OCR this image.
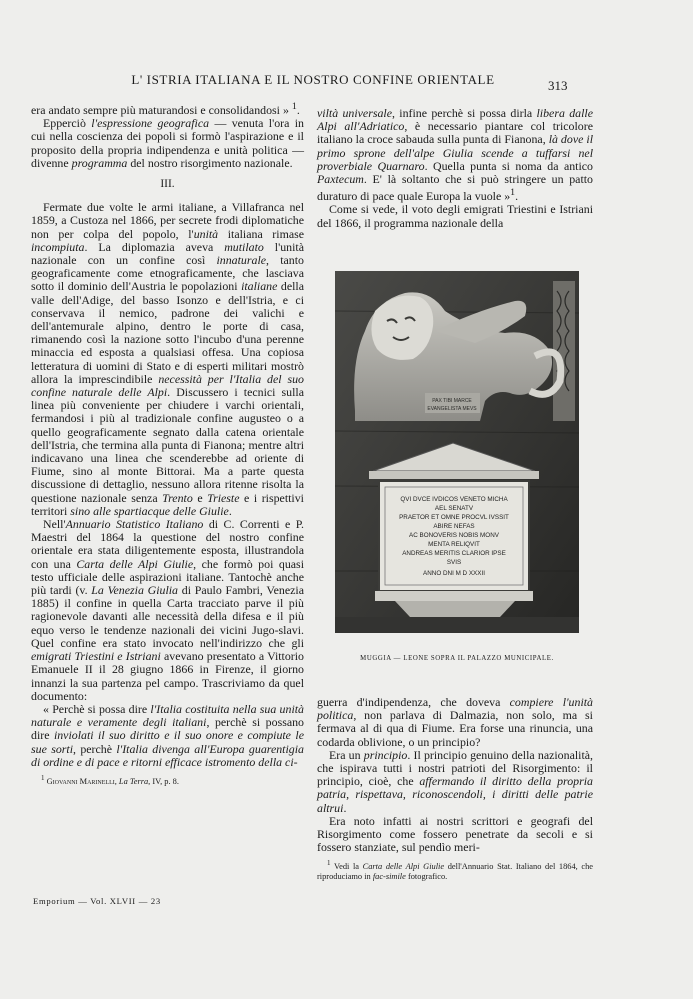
L' ISTRIA ITALIANA E IL NOSTRO CONFINE ORIENTALE	313

era andato sempre più maturandosi e consolidandosi » $^1$.

Epperciò l'espressione geografica — venuta l'ora in cui nella coscienza dei popoli si formò l'aspirazione e il proposito della propria indipendenza e unità politica — divenne programma del nostro risorgimento nazionale.

III.

Fermate due volte le armi italiane, a Villafranca nel 1859, a Custoza nel 1866, per secrete frodi diplomatiche non per colpa del popolo, l'unità italiana rimase incompiuta. La diplomazia aveva mutilato l'unità nazionale con un confine così innaturale, tanto geograficamente come etnograficamente, che lasciava sotto il dominio dell'Austria le popolazioni italiane della valle dell'Adige, del basso Isonzo e dell'Istria, e ci conservava il nemico, padrone dei valichi e dell'antemurale alpino, dentro le porte di casa, rimanendo così la nazione sotto l'incubo d'una perenne minaccia ed esposta a qualsiasi offesa. Una copiosa letteratura di uomini di Stato e di esperti militari mostrò allora la imprescindibile necessità per l'Italia del suo confine naturale delle Alpi. Discussero i tecnici sulla linea più conveniente per chiudere i varchi orientali, fermandosi i più al tradizionale confine augusteo o a quello geograficamente segnato dalla catena orientale dell'Istria, che termina alla punta di Fianona; mentre altri indicavano una linea che scenderebbe ad oriente di Fiume, sino al monte Bittorai. Ma a parte questa discussione di dettaglio, nessuno allora ritenne risolta la questione nazionale senza Trento e Trieste e i rispettivi territori sino alle spartiacque delle Giulie.

Nell'Annuario Statistico Italiano di C. Correnti e P. Maestri del 1864 la questione del nostro confine orientale era stata diligentemente esposta, illustrandola con una Carta delle Alpi Giulie, che formò poi quasi testo ufficiale delle aspirazioni italiane. Tantochè anche più tardi (v. La Venezia Giulia di Paulo Fambri, Venezia 1885) il confine in quella Carta tracciato parve il più ragionevole davanti alle necessità della difesa e il più equo verso le tendenze nazionali dei vicini Jugo-slavi. Quel confine era stato invocato nell'indirizzo che gli emigrati Triestini e Istriani avevano presentato a Vittorio Emanuele II il 28 giugno 1866 in Firenze, il giorno innanzi la sua partenza pel campo. Trascriviamo da quel documento:

« Perchè si possa dire l'Italia costituita nella sua unità naturale e veramente degli italiani, perchè si possano dire inviolati il suo diritto e il suo onore e compiute le sue sorti, perchè l'Italia divenga all'Europa guarentigia di ordine e di pace e ritorni efficace istromento della ci-

$^1$ Giovanni Marinelli, La Terra, IV, p. 8.

Emporium — Vol. XLVII — 23

viltà universale, infine perchè si possa dirla libera dalle Alpi all'Adriatico, è necessario piantare col tricolore italiano la croce sabauda sulla punta di Fianona, là dove il primo sprone dell'alpe Giulia scende a tuffarsi nel proverbiale Quarnaro. Quella punta si noma da antico Paxtecum. E' là soltanto che si può stringere un patto duraturo di pace quale Europa la vuole »$^1$.

Come si vede, il voto degli emigrati Triestini e Istriani del 1866, il programma nazionale della

PAX TIBI MARCE
EVANGELISTA MEVS
QVI DVCE IVDICOS VENETO MICHA
AEL SENATV
PRAETOR ET OMNE PROCVL IVSSIT
ABIRE NEFAS
AC BONOVERIS NOBIS MONV
MENTA RELIQVIT
ANDREAS MERITIS CLARIOR IPSE
SVIS
ANNO DNI M D XXXII
MUGGIA — LEONE SOPRA IL PALAZZO MUNICIPALE.

guerra d'indipendenza, che doveva compiere l'unità politica, non parlava di Dalmazia, non solo, ma si fermava al di qua di Fiume. Era forse una rinuncia, una codarda oblivione, o un principio?

Era un principio. Il principio genuino della nazionalità, che ispirava tutti i nostri patrioti del Risorgimento: il principio, cioè, che affermando il diritto della propria patria, rispettava, riconoscendoli, i diritti delle patrie altrui.

Era noto infatti ai nostri scrittori e geografi del Risorgimento come fossero penetrate da secoli e si fossero stanziate, sul pendìo meri-

$^1$ Vedi la Carta delle Alpi Giulie dell'Annuario Stat. Italiano del 1864, che riproduciamo in fac-simile fotografico.
